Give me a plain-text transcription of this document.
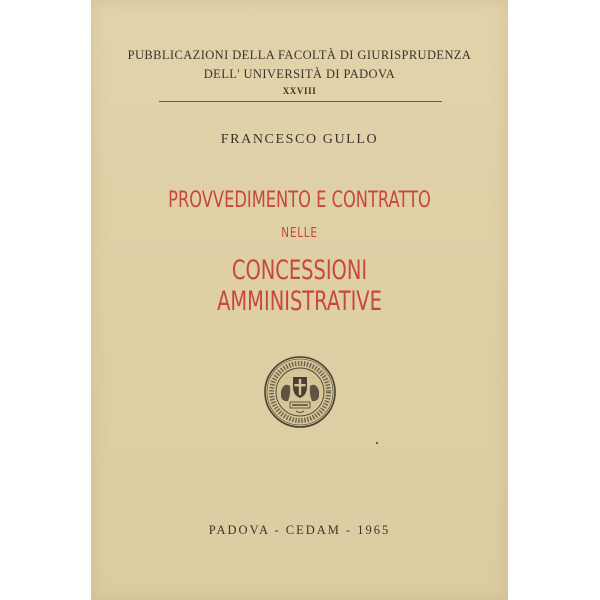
PUBBLICAZIONI DELLA FACOLTÀ DI GIURISPRUDENZA
DELL' UNIVERSITÀ DI PADOVA
XXVIII
FRANCESCO GULLO
PROVVEDIMENTO E CONTRATTO
NELLE
CONCESSIONI AMMINISTRATIVE
PADOVA - CEDAM - 1965
